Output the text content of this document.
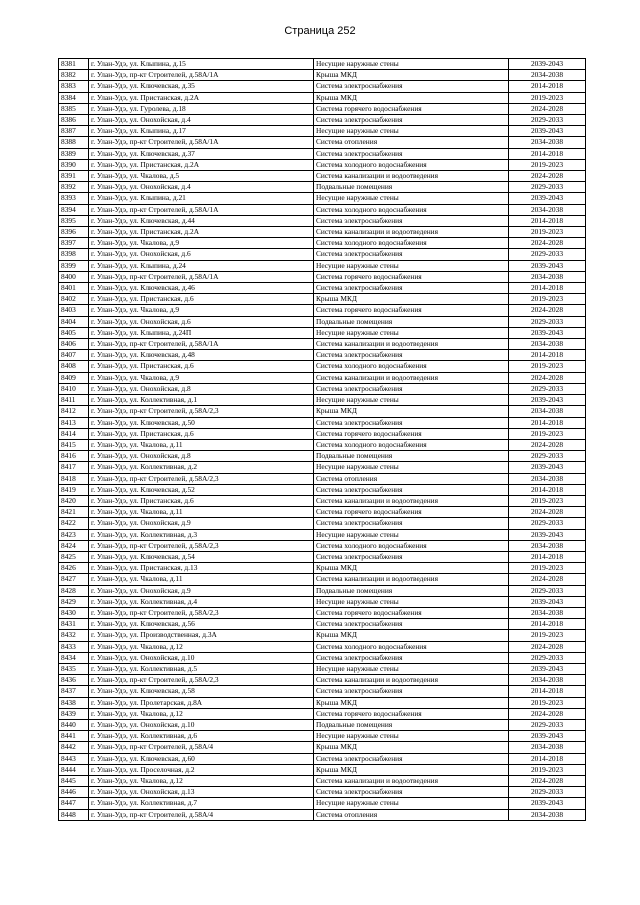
Страница 252
8381	г. Улан-Удэ, ул. Клыпина, д.15	Несущие наружные стены	2039-2043
8382	г. Улан-Удэ, пр-кт Строителей, д.58А/1А	Крыша МКД	2034-2038
8383	г. Улан-Удэ, ул. Ключевская, д.35	Система электроснабжения	2014-2018
8384	г. Улан-Удэ, ул. Пристанская, д.2А	Крыша МКД	2019-2023
8385	г. Улан-Удэ, ул. Гуролева, д.18	Система горячего водоснабжения	2024-2028
8386	г. Улан-Удэ, ул. Онохойская, д.4	Система электроснабжения	2029-2033
8387	г. Улан-Удэ, ул. Клыпина, д.17	Несущие наружные стены	2039-2043
8388	г. Улан-Удэ, пр-кт Строителей, д.58А/1А	Система отопления	2034-2038
8389	г. Улан-Удэ, ул. Ключевская, д.37	Система электроснабжения	2014-2018
8390	г. Улан-Удэ, ул. Пристанская, д.2А	Система холодного водоснабжения	2019-2023
8391	г. Улан-Удэ, ул. Чкалова, д.5	Система канализации и водоотведения	2024-2028
8392	г. Улан-Удэ, ул. Онохойская, д.4	Подвальные помещения	2029-2033
8393	г. Улан-Удэ, ул. Клыпина, д.21	Несущие наружные стены	2039-2043
8394	г. Улан-Удэ, пр-кт Строителей, д.58А/1А	Система холодного водоснабжения	2034-2038
8395	г. Улан-Удэ, ул. Ключевская, д.44	Система электроснабжения	2014-2018
8396	г. Улан-Удэ, ул. Пристанская, д.2А	Система канализации и водоотведения	2019-2023
8397	г. Улан-Удэ, ул. Чкалова, д.9	Система холодного водоснабжения	2024-2028
8398	г. Улан-Удэ, ул. Онохойская, д.6	Система электроснабжения	2029-2033
8399	г. Улан-Удэ, ул. Клыпина, д.24	Несущие наружные стены	2039-2043
8400	г. Улан-Удэ, пр-кт Строителей, д.58А/1А	Система горячего водоснабжения	2034-2038
8401	г. Улан-Удэ, ул. Ключевская, д.46	Система электроснабжения	2014-2018
8402	г. Улан-Удэ, ул. Пристанская, д.6	Крыша МКД	2019-2023
8403	г. Улан-Удэ, ул. Чкалова, д.9	Система горячего водоснабжения	2024-2028
8404	г. Улан-Удэ, ул. Онохойская, д.6	Подвальные помещения	2029-2033
8405	г. Улан-Удэ, ул. Клыпина, д.24П	Несущие наружные стены	2039-2043
8406	г. Улан-Удэ, пр-кт Строителей, д.58А/1А	Система канализации и водоотведения	2034-2038
8407	г. Улан-Удэ, ул. Ключевская, д.48	Система электроснабжения	2014-2018
8408	г. Улан-Удэ, ул. Пристанская, д.6	Система холодного водоснабжения	2019-2023
8409	г. Улан-Удэ, ул. Чкалова, д.9	Система канализации и водоотведения	2024-2028
8410	г. Улан-Удэ, ул. Онохойская, д.8	Система электроснабжения	2029-2033
8411	г. Улан-Удэ, ул. Коллективная, д.1	Несущие наружные стены	2039-2043
8412	г. Улан-Удэ, пр-кт Строителей, д.58А/2,3	Крыша МКД	2034-2038
8413	г. Улан-Удэ, ул. Ключевская, д.50	Система электроснабжения	2014-2018
8414	г. Улан-Удэ, ул. Пристанская, д.6	Система горячего водоснабжения	2019-2023
8415	г. Улан-Удэ, ул. Чкалова, д.11	Система холодного водоснабжения	2024-2028
8416	г. Улан-Удэ, ул. Онохойская, д.8	Подвальные помещения	2029-2033
8417	г. Улан-Удэ, ул. Коллективная, д.2	Несущие наружные стены	2039-2043
8418	г. Улан-Удэ, пр-кт Строителей, д.58А/2,3	Система отопления	2034-2038
8419	г. Улан-Удэ, ул. Ключевская, д.52	Система электроснабжения	2014-2018
8420	г. Улан-Удэ, ул. Пристанская, д.6	Система канализации и водоотведения	2019-2023
8421	г. Улан-Удэ, ул. Чкалова, д.11	Система горячего водоснабжения	2024-2028
8422	г. Улан-Удэ, ул. Онохойская, д.9	Система электроснабжения	2029-2033
8423	г. Улан-Удэ, ул. Коллективная, д.3	Несущие наружные стены	2039-2043
8424	г. Улан-Удэ, пр-кт Строителей, д.58А/2,3	Система холодного водоснабжения	2034-2038
8425	г. Улан-Удэ, ул. Ключевская, д.54	Система электроснабжения	2014-2018
8426	г. Улан-Удэ, ул. Пристанская, д.13	Крыша МКД	2019-2023
8427	г. Улан-Удэ, ул. Чкалова, д.11	Система канализации и водоотведения	2024-2028
8428	г. Улан-Удэ, ул. Онохойская, д.9	Подвальные помещения	2029-2033
8429	г. Улан-Удэ, ул. Коллективная, д.4	Несущие наружные стены	2039-2043
8430	г. Улан-Удэ, пр-кт Строителей, д.58А/2,3	Система горячего водоснабжения	2034-2038
8431	г. Улан-Удэ, ул. Ключевская, д.56	Система электроснабжения	2014-2018
8432	г. Улан-Удэ, ул. Производственная, д.3А	Крыша МКД	2019-2023
8433	г. Улан-Удэ, ул. Чкалова, д.12	Система холодного водоснабжения	2024-2028
8434	г. Улан-Удэ, ул. Онохойская, д.10	Система электроснабжения	2029-2033
8435	г. Улан-Удэ, ул. Коллективная, д.5	Несущие наружные стены	2039-2043
8436	г. Улан-Удэ, пр-кт Строителей, д.58А/2,3	Система канализации и водоотведения	2034-2038
8437	г. Улан-Удэ, ул. Ключевская, д.58	Система электроснабжения	2014-2018
8438	г. Улан-Удэ, ул. Пролетарская, д.8А	Крыша МКД	2019-2023
8439	г. Улан-Удэ, ул. Чкалова, д.12	Система горячего водоснабжения	2024-2028
8440	г. Улан-Удэ, ул. Онохойская, д.10	Подвальные помещения	2029-2033
8441	г. Улан-Удэ, ул. Коллективная, д.6	Несущие наружные стены	2039-2043
8442	г. Улан-Удэ, пр-кт Строителей, д.58А/4	Крыша МКД	2034-2038
8443	г. Улан-Удэ, ул. Ключевская, д.60	Система электроснабжения	2014-2018
8444	г. Улан-Удэ, ул. Проселочная, д.2	Крыша МКД	2019-2023
8445	г. Улан-Удэ, ул. Чкалова, д.12	Система канализации и водоотведения	2024-2028
8446	г. Улан-Удэ, ул. Онохойская, д.13	Система электроснабжения	2029-2033
8447	г. Улан-Удэ, ул. Коллективная, д.7	Несущие наружные стены	2039-2043
8448	г. Улан-Удэ, пр-кт Строителей, д.58А/4	Система отопления	2034-2038
